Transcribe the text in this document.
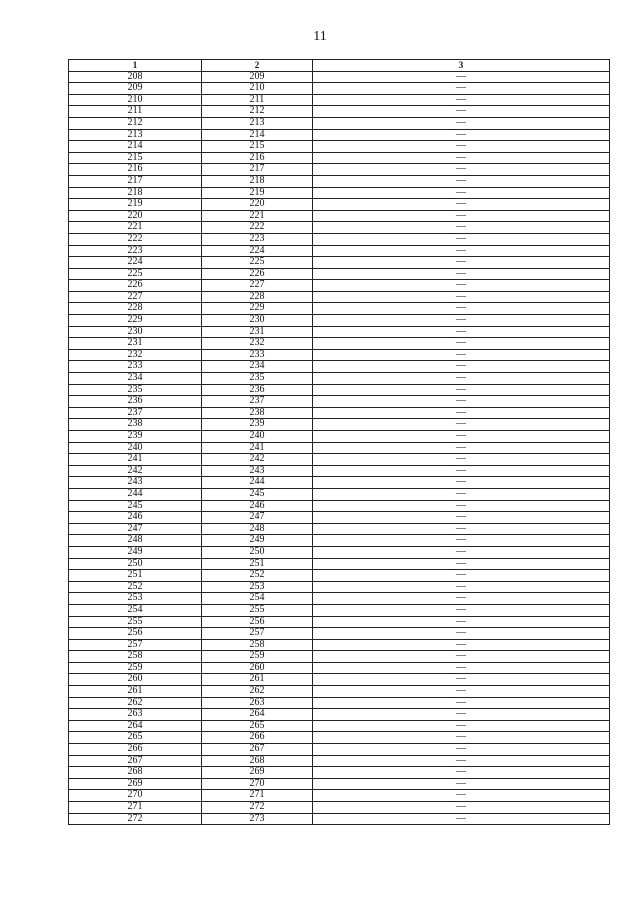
11
1	2	3
208	209	—
209	210	—
210	211	—
211	212	—
212	213	—
213	214	—
214	215	—
215	216	—
216	217	—
217	218	—
218	219	—
219	220	—
220	221	—
221	222	—
222	223	—
223	224	—
224	225	—
225	226	—
226	227	—
227	228	—
228	229	—
229	230	—
230	231	—
231	232	—
232	233	—
233	234	—
234	235	—
235	236	—
236	237	—
237	238	—
238	239	—
239	240	—
240	241	—
241	242	—
242	243	—
243	244	—
244	245	—
245	246	—
246	247	—
247	248	—
248	249	—
249	250	—
250	251	—
251	252	—
252	253	—
253	254	—
254	255	—
255	256	—
256	257	—
257	258	—
258	259	—
259	260	—
260	261	—
261	262	—
262	263	—
263	264	—
264	265	—
265	266	—
266	267	—
267	268	—
268	269	—
269	270	—
270	271	—
271	272	—
272	273	—
